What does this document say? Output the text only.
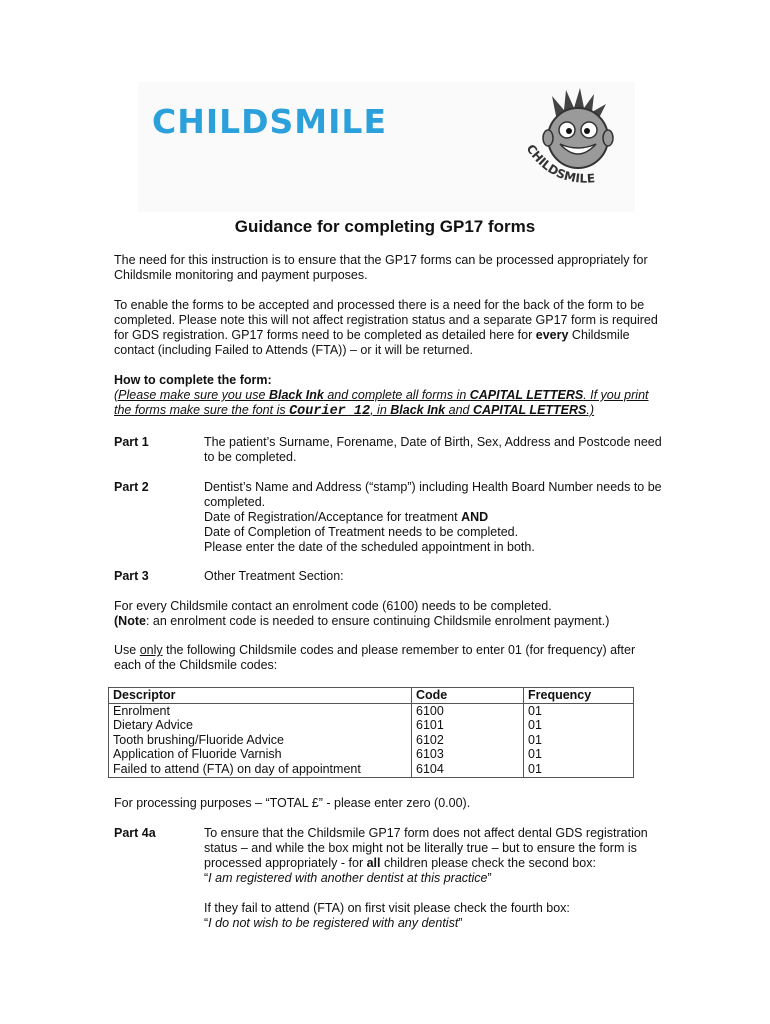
CHILDSMILE
CHILDSMILE
Guidance for completing GP17 forms

The need for this instruction is to ensure that the GP17 forms can be processed appropriately for Childsmile monitoring and payment purposes.

To enable the forms to be accepted and processed there is a need for the back of the form to be completed. Please note this will not affect registration status and a separate GP17 form is required for GDS registration. GP17 forms need to be completed as detailed here for every Childsmile contact (including Failed to Attends (FTA)) – or it will be returned.

How to complete the form:
(Please make sure you use Black Ink and complete all forms in CAPITAL LETTERS. If you print the forms make sure the font is Courier 12, in Black Ink and CAPITAL LETTERS.)

Part 1	The patient’s Surname, Forename, Date of Birth, Sex, Address and Postcode need to be completed.

Part 2	Dentist’s Name and Address (“stamp”) including Health Board Number needs to be completed.
Date of Registration/Acceptance for treatment AND
Date of Completion of Treatment needs to be completed.
Please enter the date of the scheduled appointment in both.

Part 3	Other Treatment Section:

For every Childsmile contact an enrolment code (6100) needs to be completed.
(Note: an enrolment code is needed to ensure continuing Childsmile enrolment payment.)

Use only the following Childsmile codes and please remember to enter 01 (for frequency) after each of the Childsmile codes:

Descriptor	Code	Frequency
Enrolment	6100	01
Dietary Advice	6101	01
Tooth brushing/Fluoride Advice	6102	01
Application of Fluoride Varnish	6103	01
Failed to attend (FTA) on day of appointment	6104	01

For processing purposes – “TOTAL £” - please enter zero (0.00).

Part 4a	To ensure that the Childsmile GP17 form does not affect dental GDS registration status – and while the box might not be literally true – but to ensure the form is processed appropriately - for all children please check the second box:
“I am registered with another dentist at this practice”

If they fail to attend (FTA) on first visit please check the fourth box:
“I do not wish to be registered with any dentist”
